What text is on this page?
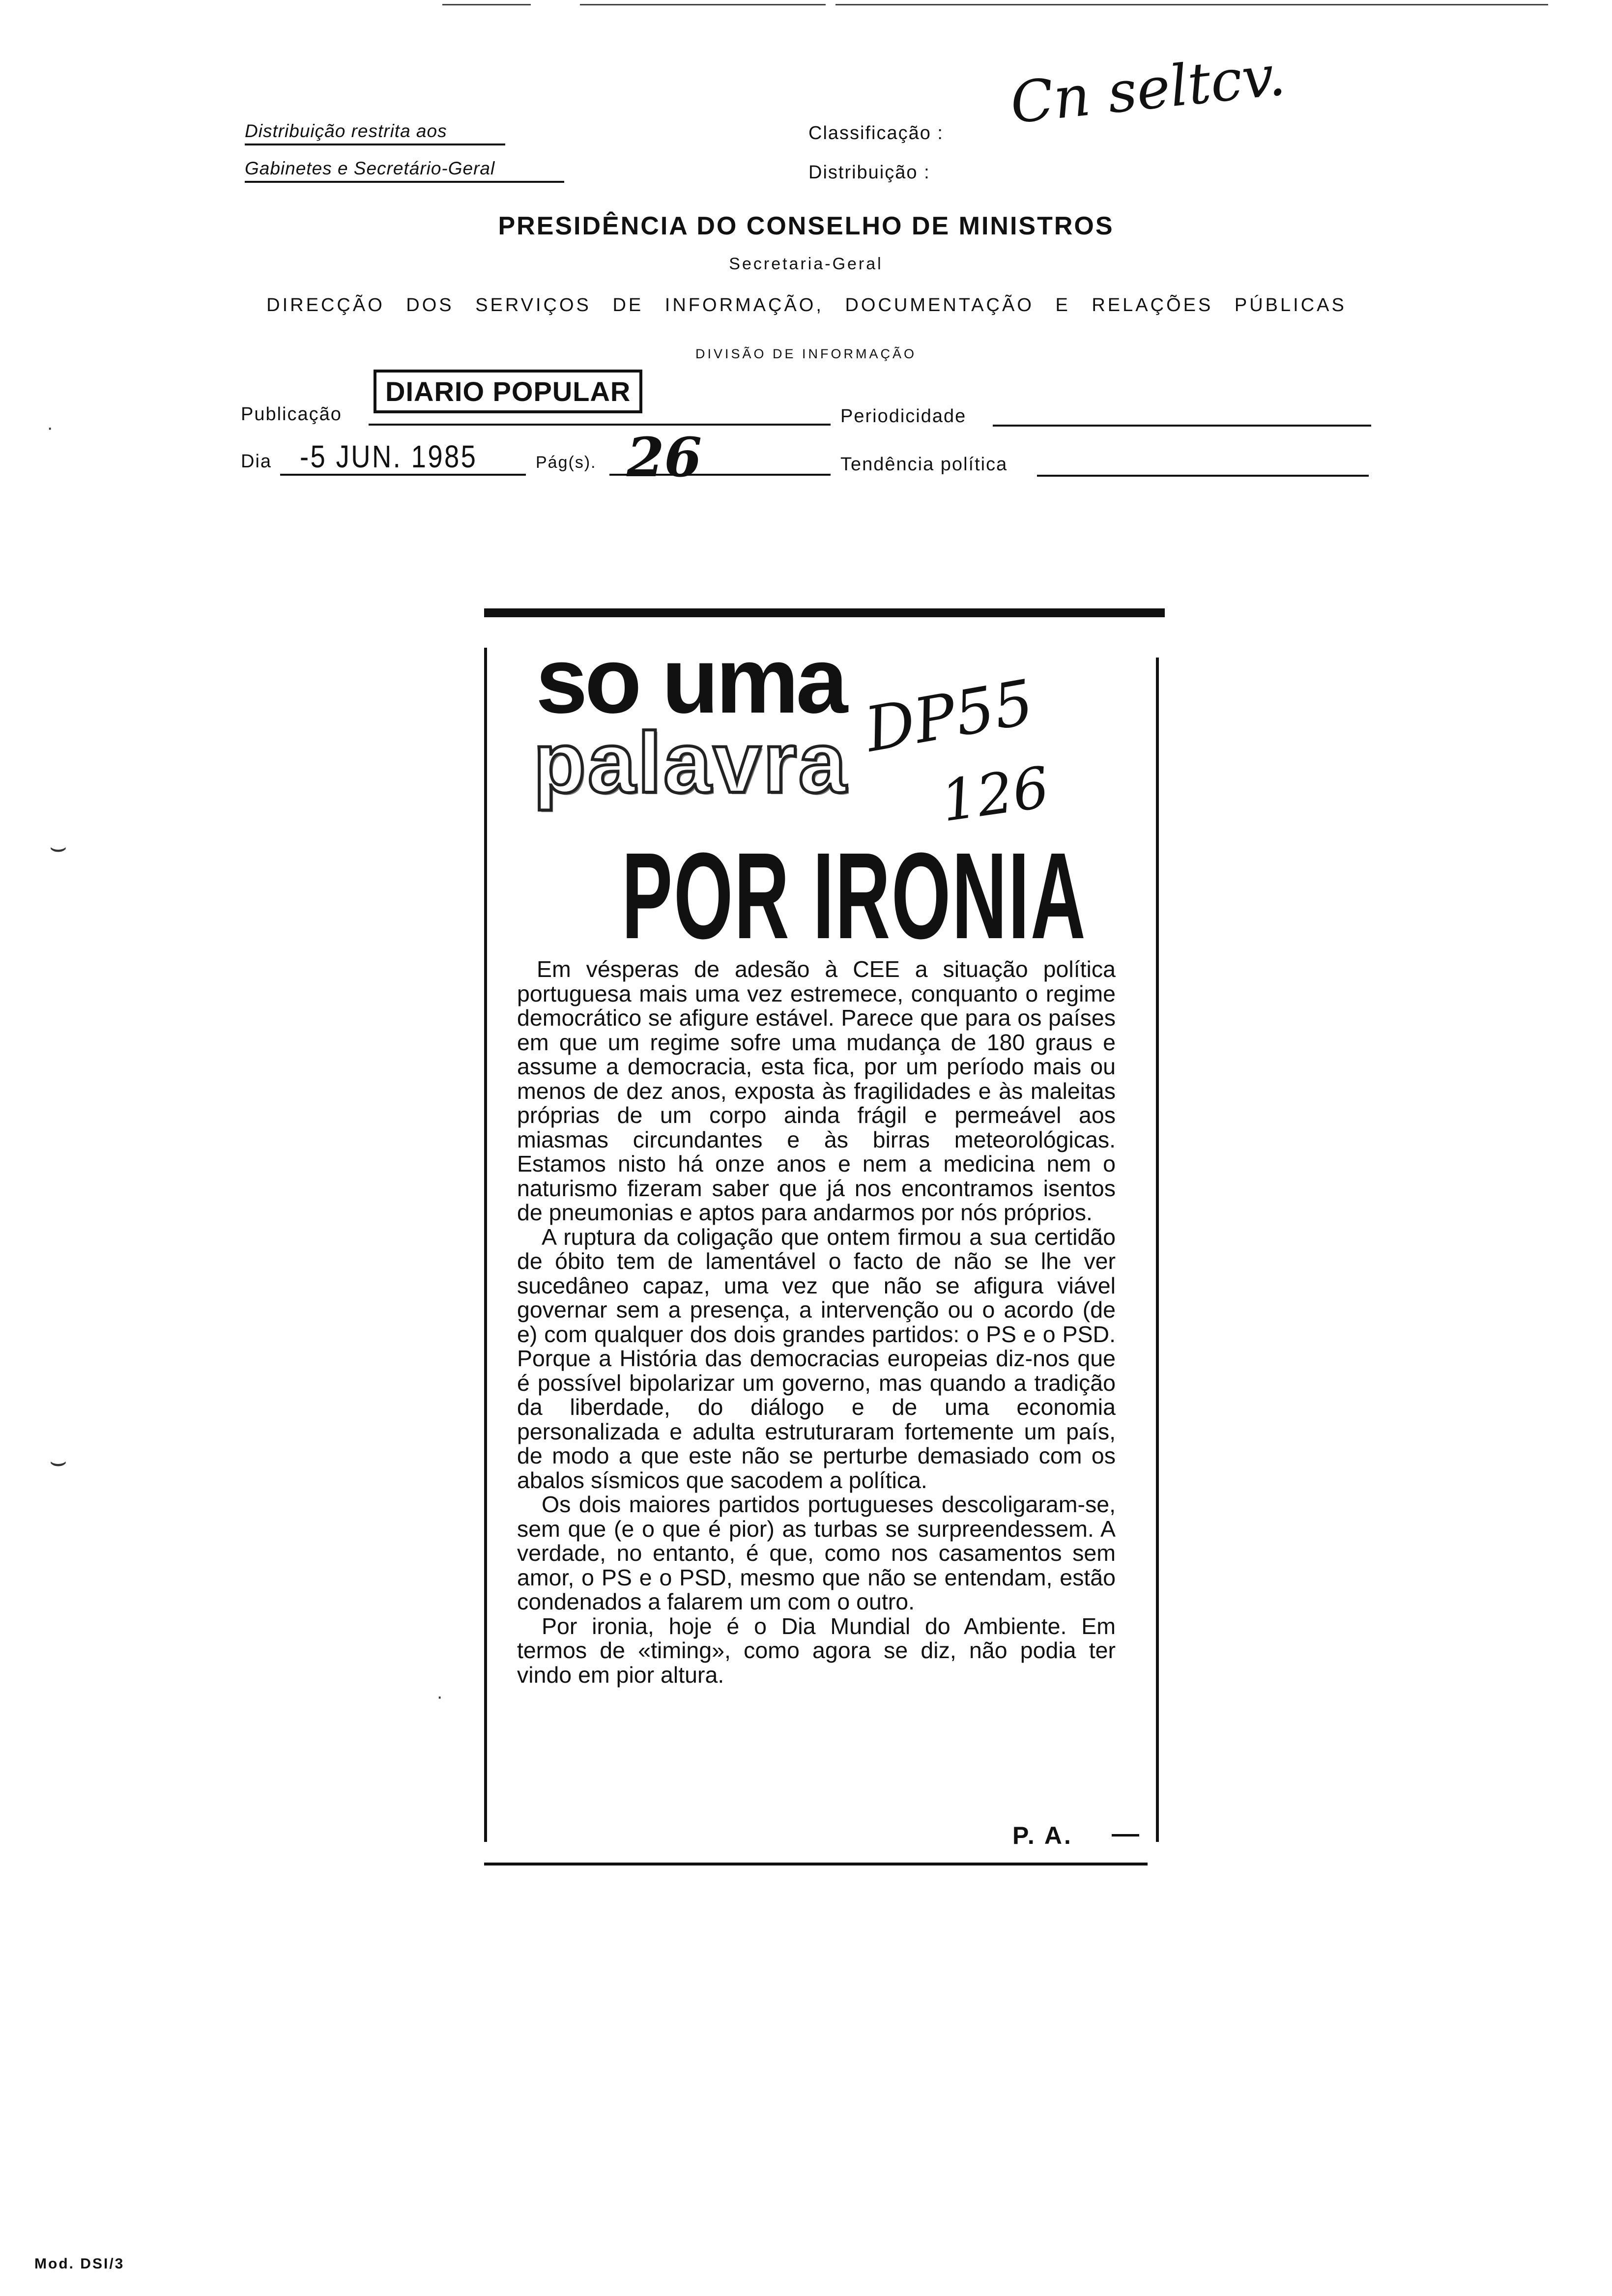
Distribuição restrita aos
Gabinetes e Secretário-Geral
Classificação :
Distribuição :
Cn seltcv.
PRESIDÊNCIA DO CONSELHO DE MINISTROS
Secretaria-Geral
DIRECÇÃO DOS SERVIÇOS DE INFORMAÇÃO, DOCUMENTAÇÃO E RELAÇÕES PÚBLICAS
DIVISÃO DE INFORMAÇÃO
Publicação
DIARIO POPULAR
Periodicidade
Dia -5 JUN. 1985	Pág(s). 26	Tendência política
·
⌣
⌣
·
so uma
palavra
POR IRONIA
DP55
126

Em vésperas de adesão à CEE a situação política portuguesa mais uma vez estremece, conquanto o regime democrático se afigure estável. Parece que para os países em que um regime sofre uma mudança de 180 graus e assume a democracia, esta fica, por um período mais ou menos de dez anos, exposta às fragilidades e às maleitas próprias de um corpo ainda frágil e permeável aos miasmas circundantes e às birras meteorológicas. Estamos nisto há onze anos e nem a medicina nem o naturismo fizeram saber que já nos encontramos isentos de pneumonias e aptos para andarmos por nós próprios.

A ruptura da coligação que ontem firmou a sua certidão de óbito tem de lamentável o facto de não se lhe ver sucedâneo capaz, uma vez que não se afigura viável governar sem a presença, a intervenção ou o acordo (de e) com qualquer dos dois grandes partidos: o PS e o PSD. Porque a História das democracias europeias diz-nos que é possível bipolarizar um governo, mas quando a tradição da liberdade, do diálogo e de uma economia personalizada e adulta estruturaram fortemente um país, de modo a que este não se perturbe demasiado com os abalos sísmicos que sacodem a política.

Os dois maiores partidos portugueses descoligaram-se, sem que (e o que é pior) as turbas se surpreendessem. A verdade, no entanto, é que, como nos casamentos sem amor, o PS e o PSD, mesmo que não se entendam, estão condenados a falarem um com o outro.

Por ironia, hoje é o Dia Mundial do Ambiente. Em termos de «timing», como agora se diz, não podia ter vindo em pior altura.

P. A.
Mod. DSI/3
